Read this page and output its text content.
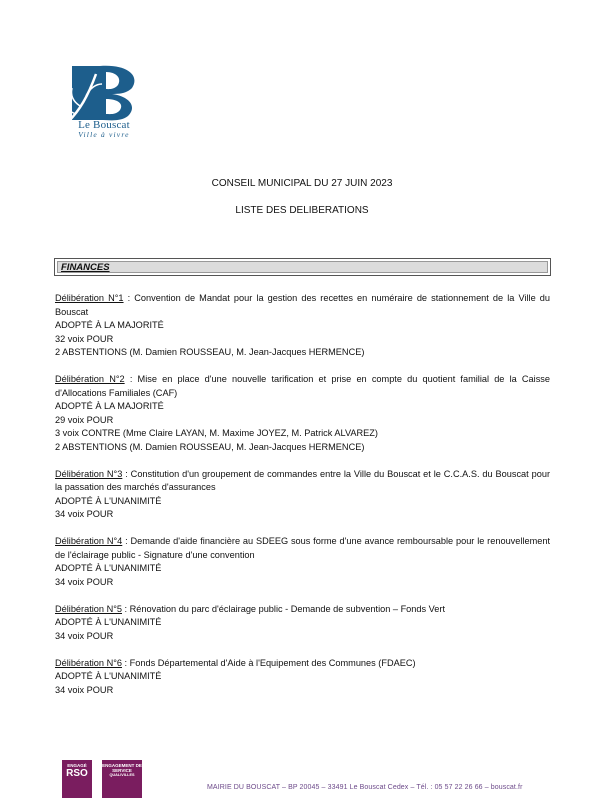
Le Bouscat
Ville à vivre
CONSEIL MUNICIPAL DU 27 JUIN 2023
LISTE DES DELIBERATIONS
FINANCES

Délibération N°1 : Convention de Mandat pour la gestion des recettes en numéraire de stationnement de la Ville du Bouscat

ADOPTÉ À LA MAJORITÉ

32 voix POUR

2 ABSTENTIONS (M. Damien ROUSSEAU, M. Jean-Jacques HERMENCE)

Délibération N°2 : Mise en place d'une nouvelle tarification et prise en compte du quotient familial de la Caisse d'Allocations Familiales (CAF)

ADOPTÉ À LA MAJORITÉ

29 voix POUR

3 voix CONTRE (Mme Claire LAYAN, M. Maxime JOYEZ, M. Patrick ALVAREZ)

2 ABSTENTIONS (M. Damien ROUSSEAU, M. Jean-Jacques HERMENCE)

Délibération N°3 : Constitution d'un groupement de commandes entre la Ville du Bouscat et le C.C.A.S. du Bouscat pour la passation des marchés d'assurances

ADOPTÉ À L'UNANIMITÉ

34 voix POUR

Délibération N°4 : Demande d'aide financière au SDEEG sous forme d'une avance remboursable pour le renouvellement de l'éclairage public - Signature d'une convention

ADOPTÉ À L'UNANIMITÉ

34 voix POUR

Délibération N°5 : Rénovation du parc d'éclairage public - Demande de subvention – Fonds Vert

ADOPTÉ À L'UNANIMITÉ

34 voix POUR

Délibération N°6 : Fonds Départemental d'Aide à l'Equipement des Communes (FDAEC)

ADOPTÉ À L'UNANIMITÉ

34 voix POUR

ENGAGÉ
RSO
ENGAGEMENT DE SERVICE
QUALIVILLES
MAIRIE DU BOUSCAT – BP 20045 – 33491 Le Bouscat Cedex – Tél. : 05 57 22 26 66 – bouscat.fr
